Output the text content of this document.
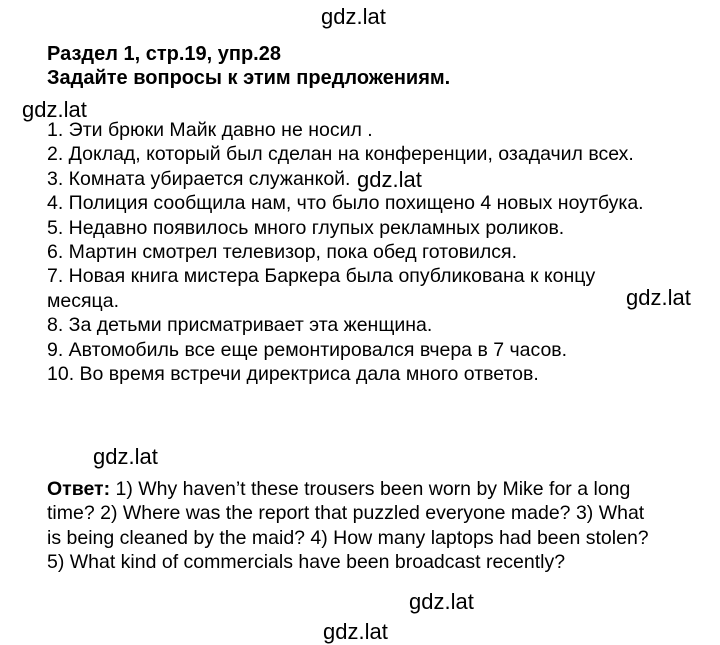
gdz.lat
gdz.lat
gdz.lat
gdz.lat
gdz.lat
gdz.lat
gdz.lat
Раздел 1, стр.19, упр.28
Задайте вопросы к этим предложениям.
1. Эти брюки Майк давно не носил .
2. Доклад, который был сделан на конференции, озадачил всех.
3. Комната убирается служанкой.
4. Полиция сообщила нам, что было похищено 4 новых ноутбука.
5. Недавно появилось много глупых рекламных роликов.
6. Мартин смотрел телевизор, пока обед готовился.
7. Новая книга мистера Баркера была опубликована к концу месяца.
8. За детьми присматривает эта женщина.
9. Автомобиль все еще ремонтировался вчера в 7 часов.
10. Во время встречи директриса дала много ответов.
Ответ: 1) Why haven’t these trousers been worn by Mike for a long time? 2) Where was the report that puzzled everyone made? 3) What is being cleaned by the maid? 4) How many laptops had been stolen? 5) What kind of commercials have been broadcast recently?
